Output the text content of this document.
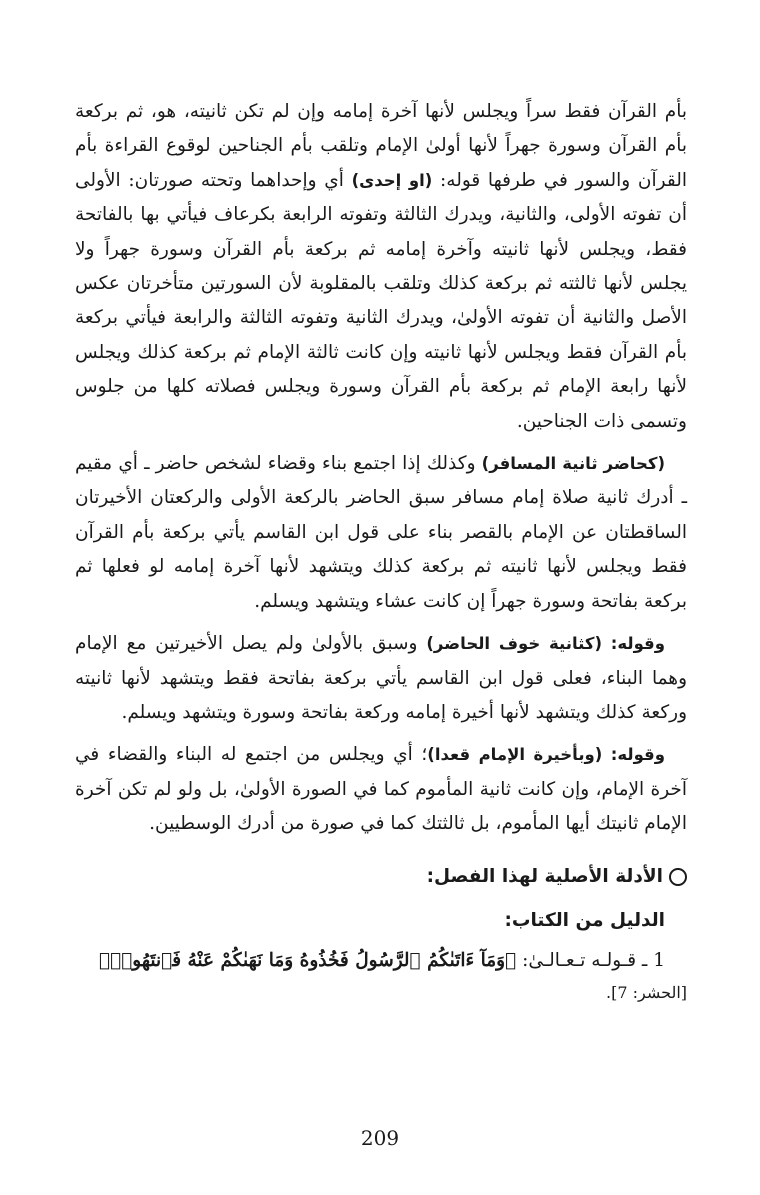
بأم القرآن فقط سراً ويجلس لأنها آخرة إمامه وإن لم تكن ثانيته، هو، ثم بركعة بأم القرآن وسورة جهراً لأنها أولىٰ الإمام وتلقب بأم الجناحين لوقوع القراءة بأم القرآن والسور في طرفها قوله: (او إحدى) أي وإحداهما وتحته صورتان: الأولى أن تفوته الأولى، والثانية، ويدرك الثالثة وتفوته الرابعة بكرعاف فيأتي بها بالفاتحة فقط، ويجلس لأنها ثانيته وآخرة إمامه ثم بركعة بأم القرآن وسورة جهراً ولا يجلس لأنها ثالثته ثم بركعة كذلك وتلقب بالمقلوبة لأن السورتين متأخرتان عكس الأصل والثانية أن تفوته الأولىٰ، ويدرك الثانية وتفوته الثالثة والرابعة فيأتي بركعة بأم القرآن فقط ويجلس لأنها ثانيته وإن كانت ثالثة الإمام ثم بركعة كذلك ويجلس لأنها رابعة الإمام ثم بركعة بأم القرآن وسورة ويجلس فصلاته كلها من جلوس وتسمى ذات الجناحين.

(كحاضر ثانية المسافر) وكذلك إذا اجتمع بناء وقضاء لشخص حاضر ـ أي مقيم ـ أدرك ثانية صلاة إمام مسافر سبق الحاضر بالركعة الأولى والركعتان الأخيرتان الساقطتان عن الإمام بالقصر بناء على قول ابن القاسم يأتي بركعة بأم القرآن فقط ويجلس لأنها ثانيته ثم بركعة كذلك ويتشهد لأنها آخرة إمامه لو فعلها ثم بركعة بفاتحة وسورة جهراً إن كانت عشاء ويتشهد ويسلم.

وقوله: (كثانية خوف الحاضر) وسبق بالأولىٰ ولم يصل الأخيرتين مع الإمام وهما البناء، فعلى قول ابن القاسم يأتي بركعة بفاتحة فقط ويتشهد لأنها ثانيته وركعة كذلك ويتشهد لأنها أخيرة إمامه وركعة بفاتحة وسورة ويتشهد ويسلم.

وقوله: (وبأخيرة الإمام قعدا)؛ أي ويجلس من اجتمع له البناء والقضاء في آخرة الإمام، وإن كانت ثانية المأموم كما في الصورة الأولىٰ، بل ولو لم تكن آخرة الإمام ثانيتك أيها المأموم، بل ثالثتك كما في صورة من أدرك الوسطيين.

الأدلة الأصلية لهذا الفصل:

الدليل من الكتاب:

1 ـ قـولـه تـعـالـىٰ: ﴿وَمَآ ءَاتَىٰكُمُ ٱلرَّسُولُ فَخُذُوهُ وَمَا نَهَىٰكُمْ عَنْهُ فَٱنتَهُوا۟﴾

[الحشر: 7].

209
